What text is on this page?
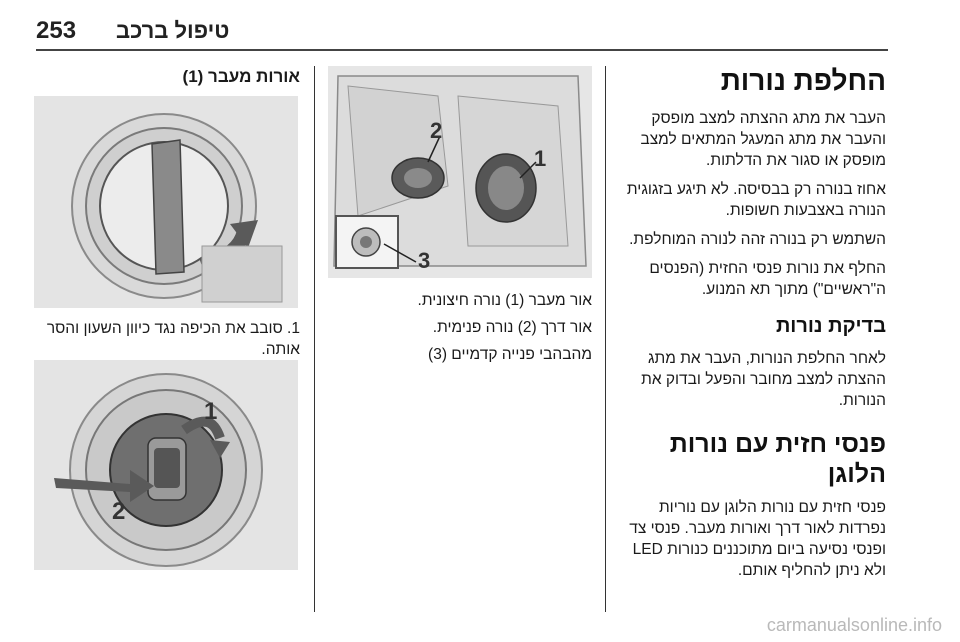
253 טיפול ברכב
החלפת נורות

העבר את מתג ההצתה למצב מופסק והעבר את מתג המעגל המתאים למצב מופסק או סגור את הדלתות.

אחוז בנורה רק בבסיסה. לא תיגע בזגוגית הנורה באצבעות חשופות.

השתמש רק בנורה זהה לנורה המוחלפת.

החלף את נורות פנסי החזית (הפנסים ה"ראשיים") מתוך תא המנוע.

בדיקת נורות

לאחר החלפת הנורות, העבר את מתג ההצתה למצב מחובר והפעל ובדוק את הנורות.

פנסי חזית עם נורות הלוגן

פנסי חזית עם נורות הלוגן עם נוריות נפרדות לאור דרך ואורות מעבר. פנסי צד ופנסי נסיעה ביום מתוכננים כנורות LED ולא ניתן להחליף אותם.

2
1
3

אור מעבר (1) נורה חיצונית.

אור דרך (2) נורה פנימית.

מהבהבי פנייה קדמיים (3)

אורות מעבר (1)

1. סובב את הכיפה נגד כיוון השעון והסר אותה.

1
2
carmanualsonline.info
